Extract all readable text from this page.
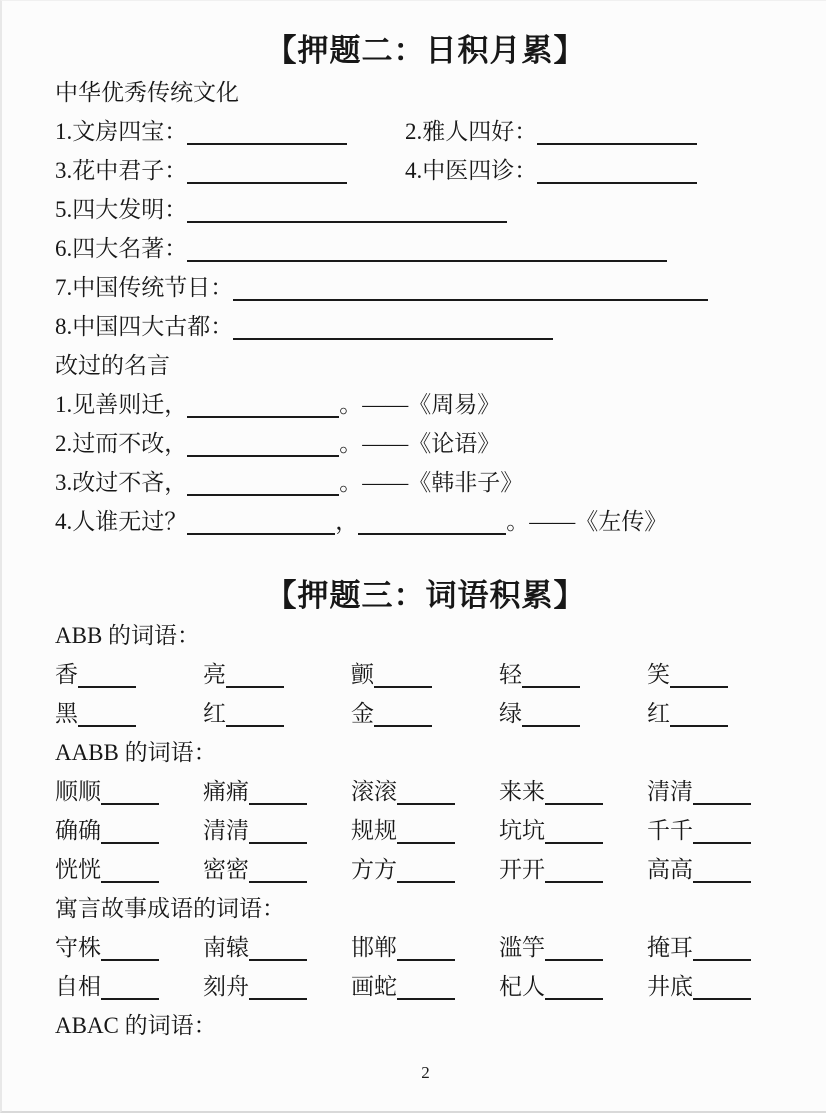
【押题二：日积月累】
中华优秀传统文化
1.文房四宝：	2.雅人四好：
3.花中君子：	4.中医四诊：
5.四大发明：
6.四大名著：
7.中国传统节日：
8.中国四大古都：
改过的名言
1.见善则迁，	。——《周易》
2.过而不改，	。——《论语》
3.改过不吝，	。——《韩非子》
4.人谁无过？	，	。——《左传》
【押题三：词语积累】
ABB 的词语：
香	亮	颤	轻	笑
黑	红	金	绿	红
AABB 的词语：
顺顺	痛痛	滚滚	来来	清清
确确	清清	规规	坑坑	千千
恍恍	密密	方方	开开	高高
寓言故事成语的词语：
守株	南辕	邯郸	滥竽	掩耳
自相	刻舟	画蛇	杞人	井底
ABAC 的词语：
2
